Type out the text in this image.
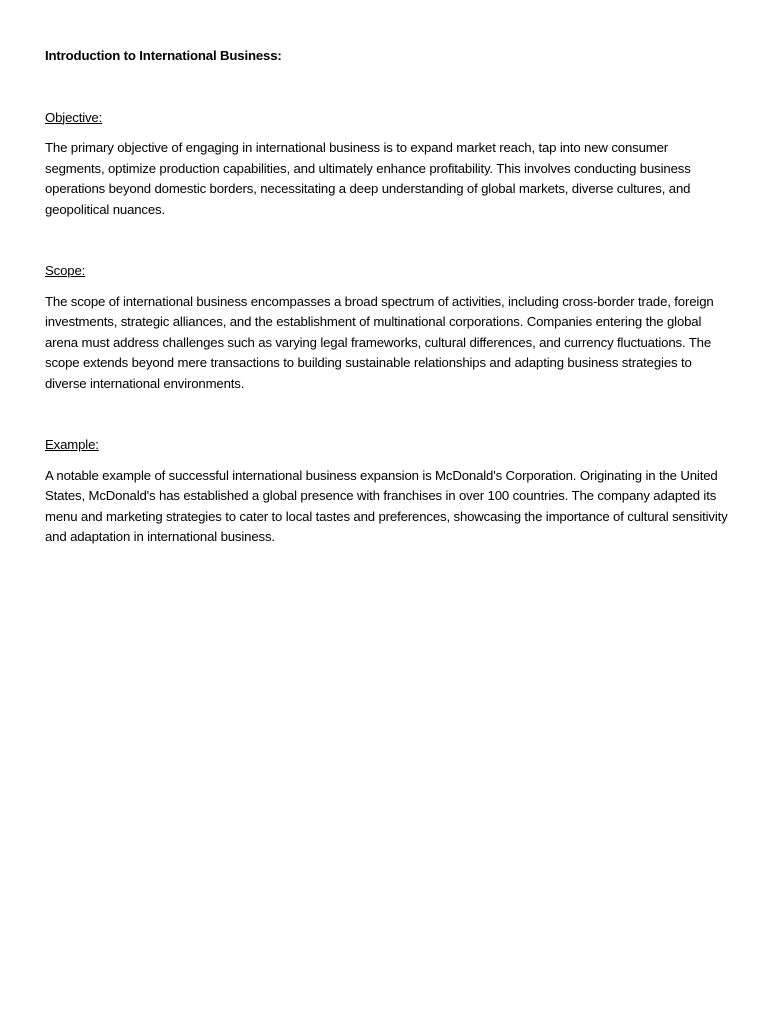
Introduction to International Business:
Objective:
The primary objective of engaging in international business is to expand market reach, tap into new consumer segments, optimize production capabilities, and ultimately enhance profitability. This involves conducting business operations beyond domestic borders, necessitating a deep understanding of global markets, diverse cultures, and geopolitical nuances.
Scope:
The scope of international business encompasses a broad spectrum of activities, including cross-border trade, foreign investments, strategic alliances, and the establishment of multinational corporations. Companies entering the global arena must address challenges such as varying legal frameworks, cultural differences, and currency fluctuations. The scope extends beyond mere transactions to building sustainable relationships and adapting business strategies to diverse international environments.
Example:
A notable example of successful international business expansion is McDonald's Corporation. Originating in the United States, McDonald's has established a global presence with franchises in over 100 countries. The company adapted its menu and marketing strategies to cater to local tastes and preferences, showcasing the importance of cultural sensitivity and adaptation in international business.
